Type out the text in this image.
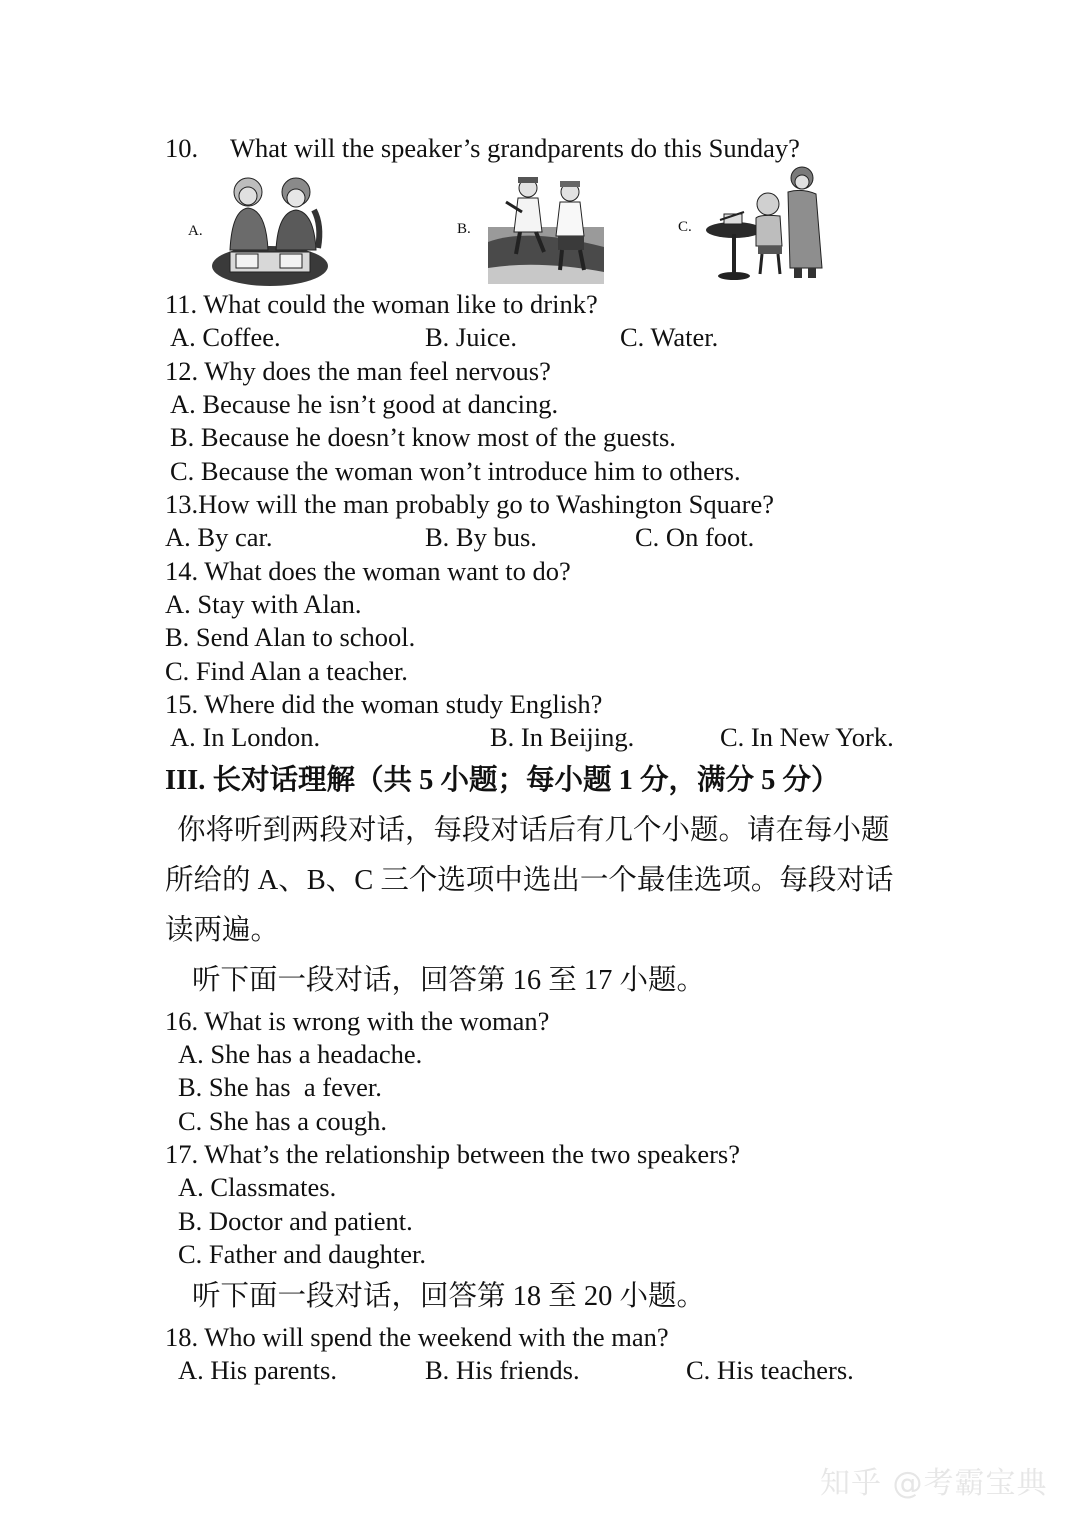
10. What will the speaker’s grandparents do this Sunday?
A.	B.	C.
11. What could the woman like to drink?
A. Coffee.	B. Juice.	C. Water.
12. Why does the man feel nervous?
A. Because he isn’t good at dancing.
B. Because he doesn’t know most of the guests.
C. Because the woman won’t introduce him to others.
13.How will the man probably go to Washington Square?
A. By car.	B. By bus.	C. On foot.
14. What does the woman want to do?
A. Stay with Alan.
B. Send Alan to school.
C. Find Alan a teacher.
15. Where did the woman study English?
A. In London.	B. In Beijing.	C. In New York.
III. 长对话理解（共 5 小题；每小题 1 分，满分 5 分）
你将听到两段对话，每段对话后有几个小题。请在每小题
所给的 A、B、C 三个选项中选出一个最佳选项。每段对话
读两遍。
听下面一段对话，回答第 16 至 17 小题。
16. What is wrong with the woman?
A. She has a headache.
B. She has  a fever.
C. She has a cough.
17. What’s the relationship between the two speakers?
A. Classmates.
B. Doctor and patient.
C. Father and daughter.
听下面一段对话，回答第 18 至 20 小题。
18. Who will spend the weekend with the man?
A. His parents.	B. His friends.	C. His teachers.
知乎 @考霸宝典
